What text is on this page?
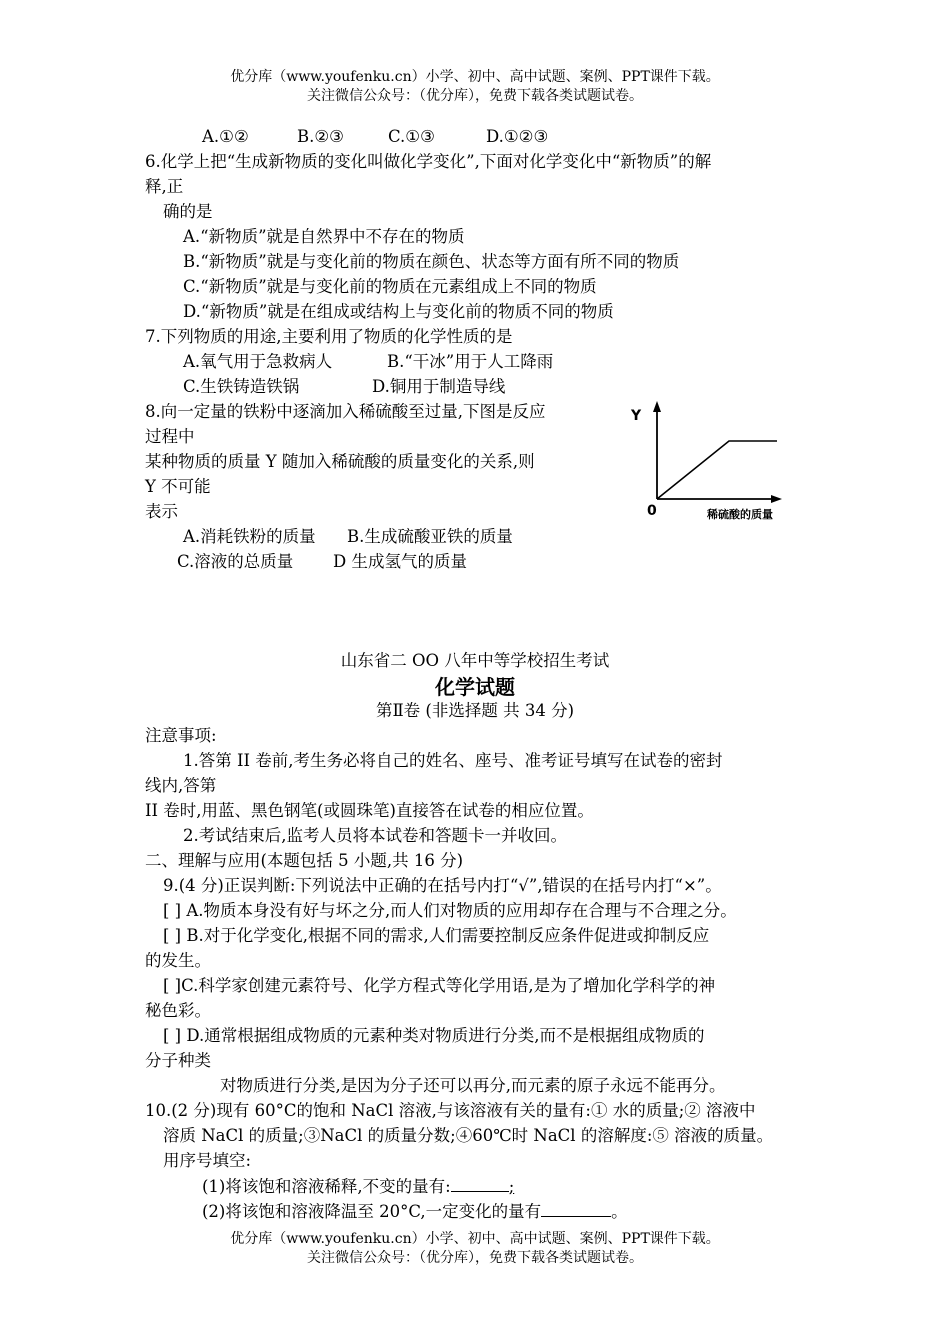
优分库（www.youfenku.cn）小学、初中、高中试题、案例、PPT课件下载。
关注微信公众号：（优分库），免费下载各类试题试卷。
A.①②	B.②③	C.①③	D.①②③
6.化学上把“生成新物质的变化叫做化学变化”,下面对化学变化中“新物质”的解
释,正
确的是
A.“新物质”就是自然界中不存在的物质
B.“新物质”就是与变化前的物质在颜色、状态等方面有所不同的物质
C.“新物质”就是与变化前的物质在元素组成上不同的物质
D.“新物质”就是在组成或结构上与变化前的物质不同的物质
7.下列物质的用途,主要利用了物质的化学性质的是
A.氧气用于急救病人	B.“干冰”用于人工降雨
C.生铁铸造铁锅	D.铜用于制造导线
8.向一定量的铁粉中逐滴加入稀硫酸至过量,下图是反应
过程中
某种物质的质量 Y 随加入稀硫酸的质量变化的关系,则
Y 不可能
表示
A.消耗铁粉的质量 B.生成硫酸亚铁的质量
C.溶液的总质量 D 生成氢气的质量
Y
0	稀硫酸的质量
山东省二 OO 八年中等学校招生考试
化学试题
第Ⅱ卷 (非选择题 共 34 分)
注意事项:
1.答第 II 卷前,考生务必将自己的姓名、座号、准考证号填写在试卷的密封
线内,答第
II 卷时,用蓝、黑色钢笔(或圆珠笔)直接答在试卷的相应位置。
2.考试结束后,监考人员将本试卷和答题卡一并收回。
二、理解与应用(本题包括 5 小题,共 16 分)
9.(4 分)正误判断:下列说法中正确的在括号内打“√”,错误的在括号内打“×”。
[ ] A.物质本身没有好与坏之分,而人们对物质的应用却存在合理与不合理之分。
[ ] B.对于化学变化,根据不同的需求,人们需要控制反应条件促进或抑制反应
的发生。
[ ]C.科学家创建元素符号、化学方程式等化学用语,是为了增加化学科学的神
秘色彩。
[ ] D.通常根据组成物质的元素种类对物质进行分类,而不是根据组成物质的
分子种类
对物质进行分类,是因为分子还可以再分,而元素的原子永远不能再分。
10.(2 分)现有 60°C的饱和 NaCl 溶液,与该溶液有关的量有:① 水的质量;② 溶液中
溶质 NaCl 的质量;③NaCl 的质量分数;④60℃时 NaCl 的溶解度:⑤ 溶液的质量。
用序号填空:
(1)将该饱和溶液稀释,不变的量有:	;
(2)将该饱和溶液降温至 20°C,一定变化的量有	。
优分库（www.youfenku.cn）小学、初中、高中试题、案例、PPT课件下载。
关注微信公众号：（优分库），免费下载各类试题试卷。
